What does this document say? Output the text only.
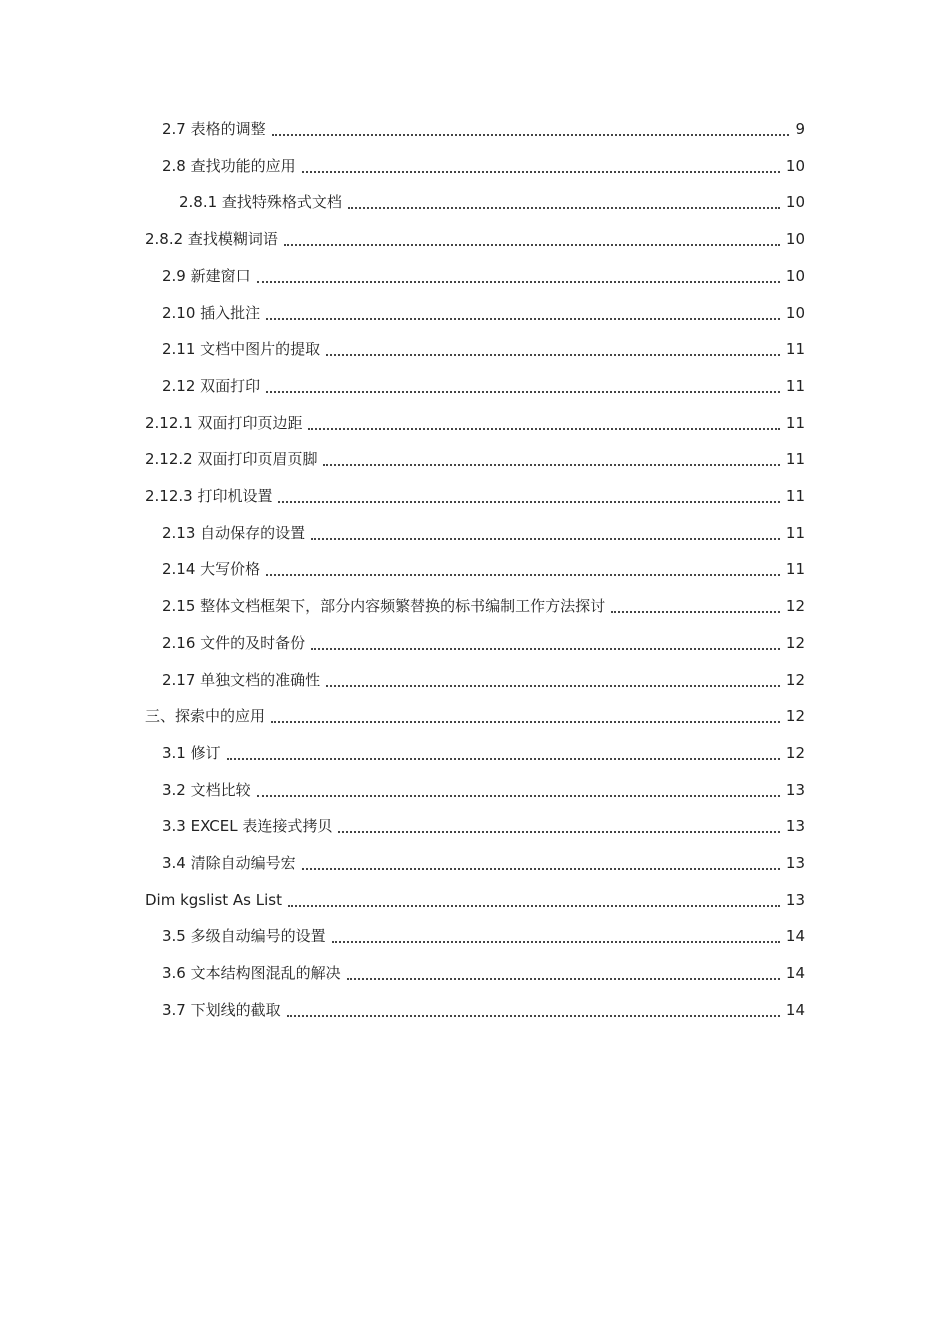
2.7 表格的调整	9
2.8 查找功能的应用	10
2.8.1 查找特殊格式文档	10
2.8.2 查找模糊词语	10
2.9 新建窗口	10
2.10 插入批注	10
2.11 文档中图片的提取	11
2.12 双面打印	11
2.12.1 双面打印页边距	11
2.12.2 双面打印页眉页脚	11
2.12.3 打印机设置	11
2.13 自动保存的设置	11
2.14 大写价格	11
2.15 整体文档框架下，部分内容频繁替换的标书编制工作方法探讨	12
2.16 文件的及时备份	12
2.17 单独文档的准确性	12
三、探索中的应用	12
3.1 修订	12
3.2 文档比较	13
3.3 EXCEL 表连接式拷贝	13
3.4 清除自动编号宏	13
Dim kgslist As List	13
3.5 多级自动编号的设置	14
3.6 文本结构图混乱的解决	14
3.7 下划线的截取	14
